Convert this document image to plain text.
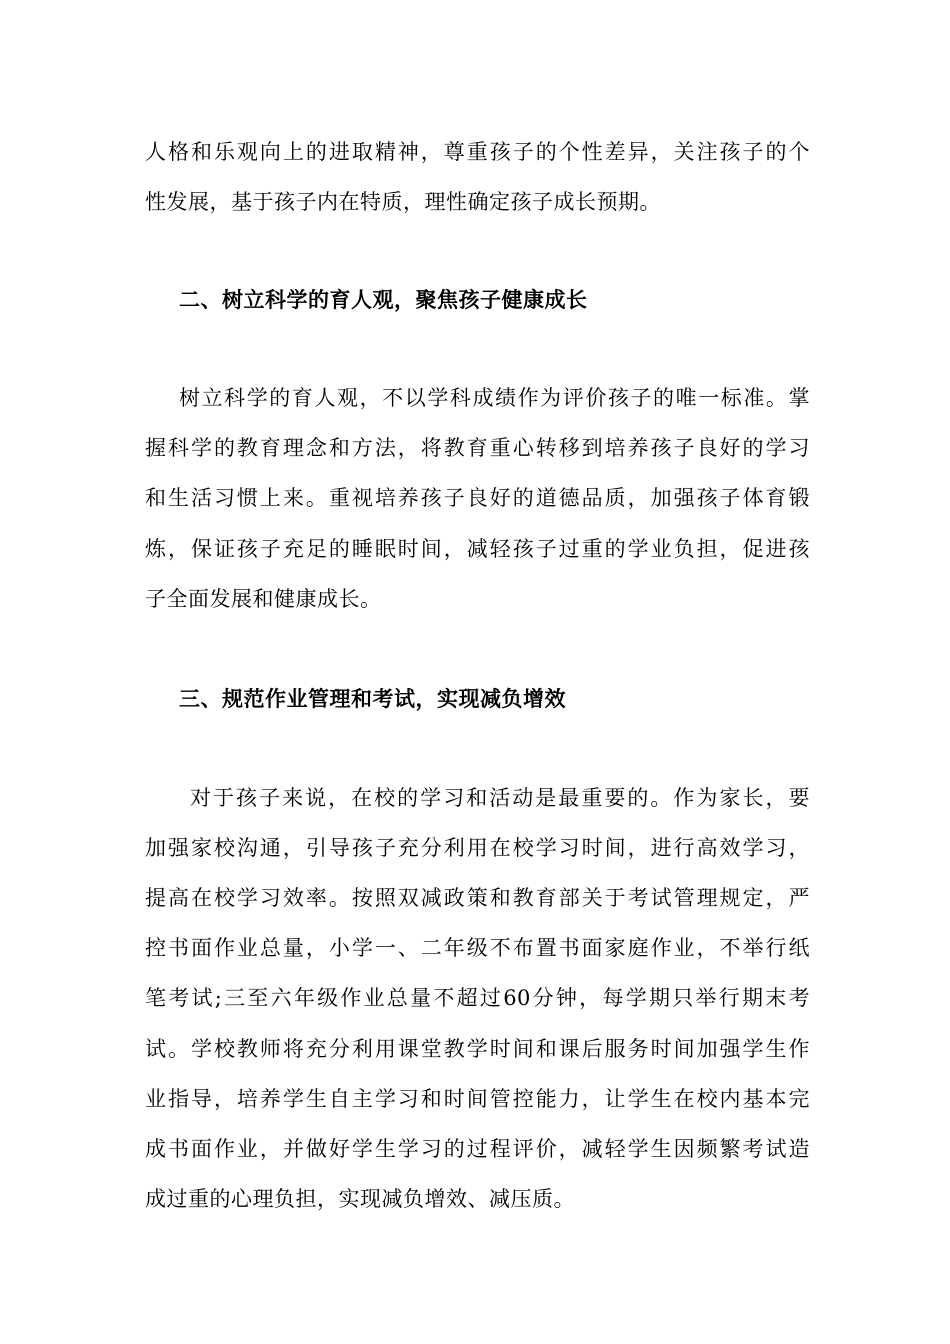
人格和乐观向上的进取精神，尊重孩子的个性差异，关注孩子的个
性发展，基于孩子内在特质，理性确定孩子成长预期。
二、树立科学的育人观，聚焦孩子健康成长
树立科学的育人观，不以学科成绩作为评价孩子的唯一标准。掌
握科学的教育理念和方法，将教育重心转移到培养孩子良好的学习
和生活习惯上来。重视培养孩子良好的道德品质，加强孩子体育锻
炼，保证孩子充足的睡眠时间，减轻孩子过重的学业负担，促进孩
子全面发展和健康成长。
三、规范作业管理和考试，实现减负增效
对于孩子来说，在校的学习和活动是最重要的。作为家长，要
加强家校沟通，引导孩子充分利用在校学习时间，进行高效学习，
提高在校学习效率。按照双减政策和教育部关于考试管理规定，严
控书面作业总量，小学一、二年级不布置书面家庭作业，不举行纸
笔考试;三至六年级作业总量不超过60分钟，每学期只举行期末考
试。学校教师将充分利用课堂教学时间和课后服务时间加强学生作
业指导，培养学生自主学习和时间管控能力，让学生在校内基本完
成书面作业，并做好学生学习的过程评价，减轻学生因频繁考试造
成过重的心理负担，实现减负增效、减压质。
